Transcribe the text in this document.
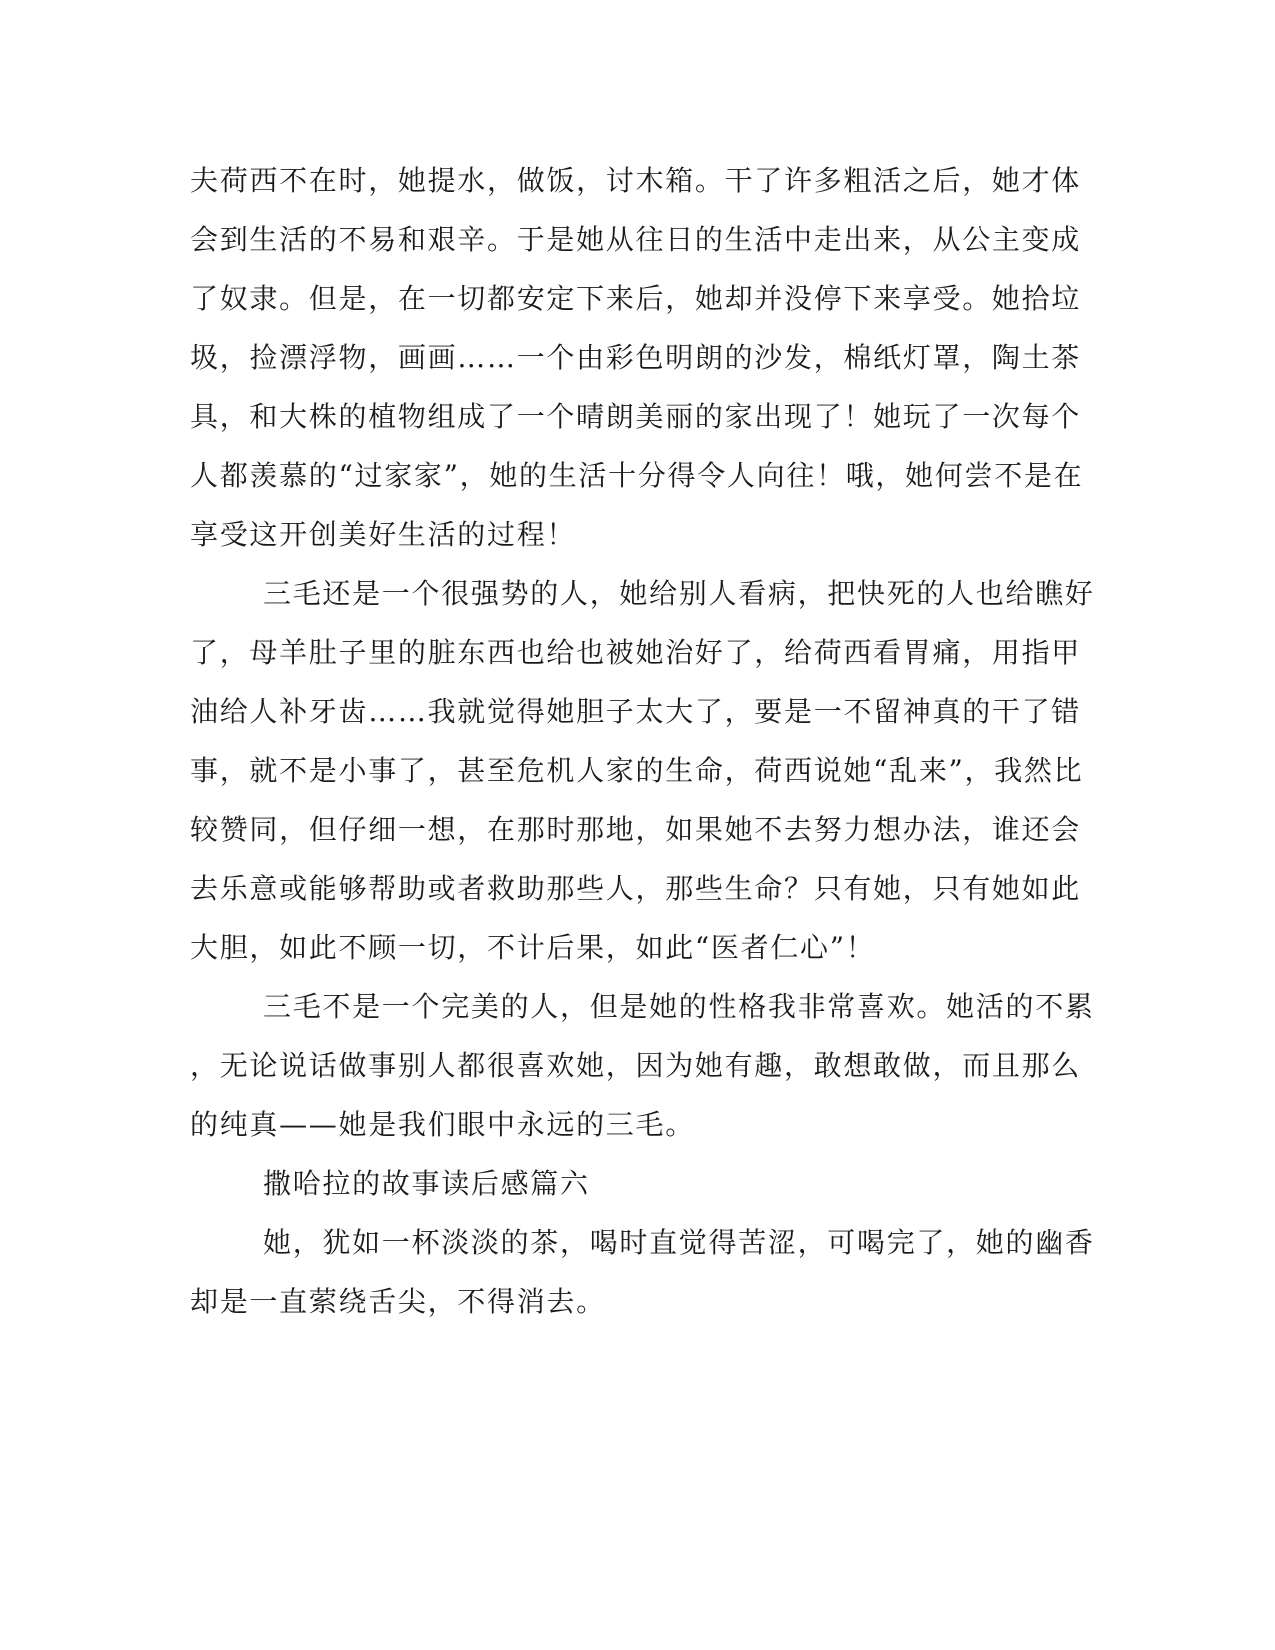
夫荷西不在时，她提水，做饭，讨木箱。干了许多粗活之后，她才体
会到生活的不易和艰辛。于是她从往日的生活中走出来，从公主变成
了奴隶。但是，在一切都安定下来后，她却并没停下来享受。她拾垃
圾，捡漂浮物，画画……一个由彩色明朗的沙发，棉纸灯罩，陶土茶
具，和大株的植物组成了一个晴朗美丽的家出现了！她玩了一次每个
人都羡慕的“过家家”，她的生活十分得令人向往！哦，她何尝不是在
享受这开创美好生活的过程！
三毛还是一个很强势的人，她给别人看病，把快死的人也给瞧好
了，母羊肚子里的脏东西也给也被她治好了，给荷西看胃痛，用指甲
油给人补牙齿……我就觉得她胆子太大了，要是一不留神真的干了错
事，就不是小事了，甚至危机人家的生命，荷西说她“乱来”，我然比
较赞同，但仔细一想，在那时那地，如果她不去努力想办法，谁还会
去乐意或能够帮助或者救助那些人，那些生命？只有她，只有她如此
大胆，如此不顾一切，不计后果，如此“医者仁心”！
三毛不是一个完美的人，但是她的性格我非常喜欢。她活的不累
，无论说话做事别人都很喜欢她，因为她有趣，敢想敢做，而且那么
的纯真——她是我们眼中永远的三毛。
撒哈拉的故事读后感篇六
她，犹如一杯淡淡的茶，喝时直觉得苦涩，可喝完了，她的幽香
却是一直萦绕舌尖，不得消去。
